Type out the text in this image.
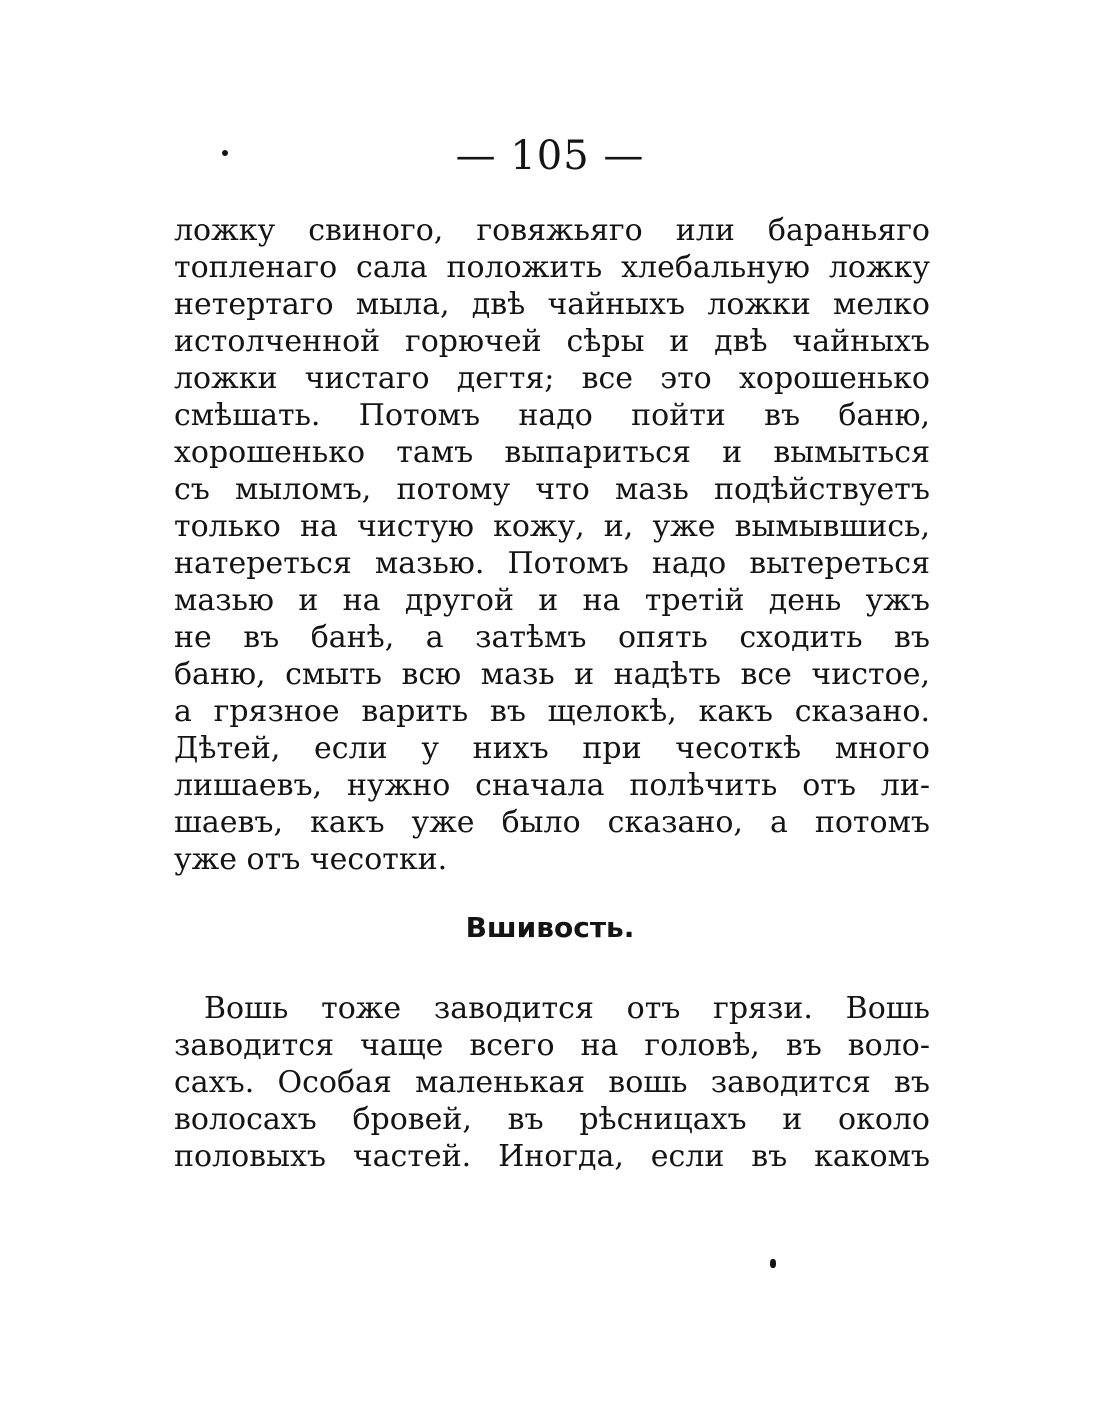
— 105 —
ложку свиного, говяжьяго или бараньяго
топленаго сала положить хлебальную ложку
нетертаго мыла, двѣ чайныхъ ложки мелко
истолченной горючей сѣры и двѣ чайныхъ
ложки чистаго дегтя; все это хорошенько
смѣшать. Потомъ надо пойти въ баню,
хорошенько тамъ выпариться и вымыться
съ мыломъ, потому что мазь подѣйствуетъ
только на чистую кожу, и, уже вымывшись,
натереться мазью. Потомъ надо вытереться
мазью и на другой и на третій день ужъ
не въ банѣ, а затѣмъ опять сходить въ
баню, смыть всю мазь и надѣть все чистое,
а грязное варить въ щелокѣ, какъ сказано.
Дѣтей, если у нихъ при чесоткѣ много
лишаевъ, нужно сначала полѣчить отъ ли-
шаевъ, какъ уже было сказано, а потомъ
уже отъ чесотки.
Вшивость.
Вошь тоже заводится отъ грязи. Вошь
заводится чаще всего на головѣ, въ воло-
сахъ. Особая маленькая вошь заводится въ
волосахъ бровей, въ рѣсницахъ и около
половыхъ частей. Иногда, если въ какомъ
